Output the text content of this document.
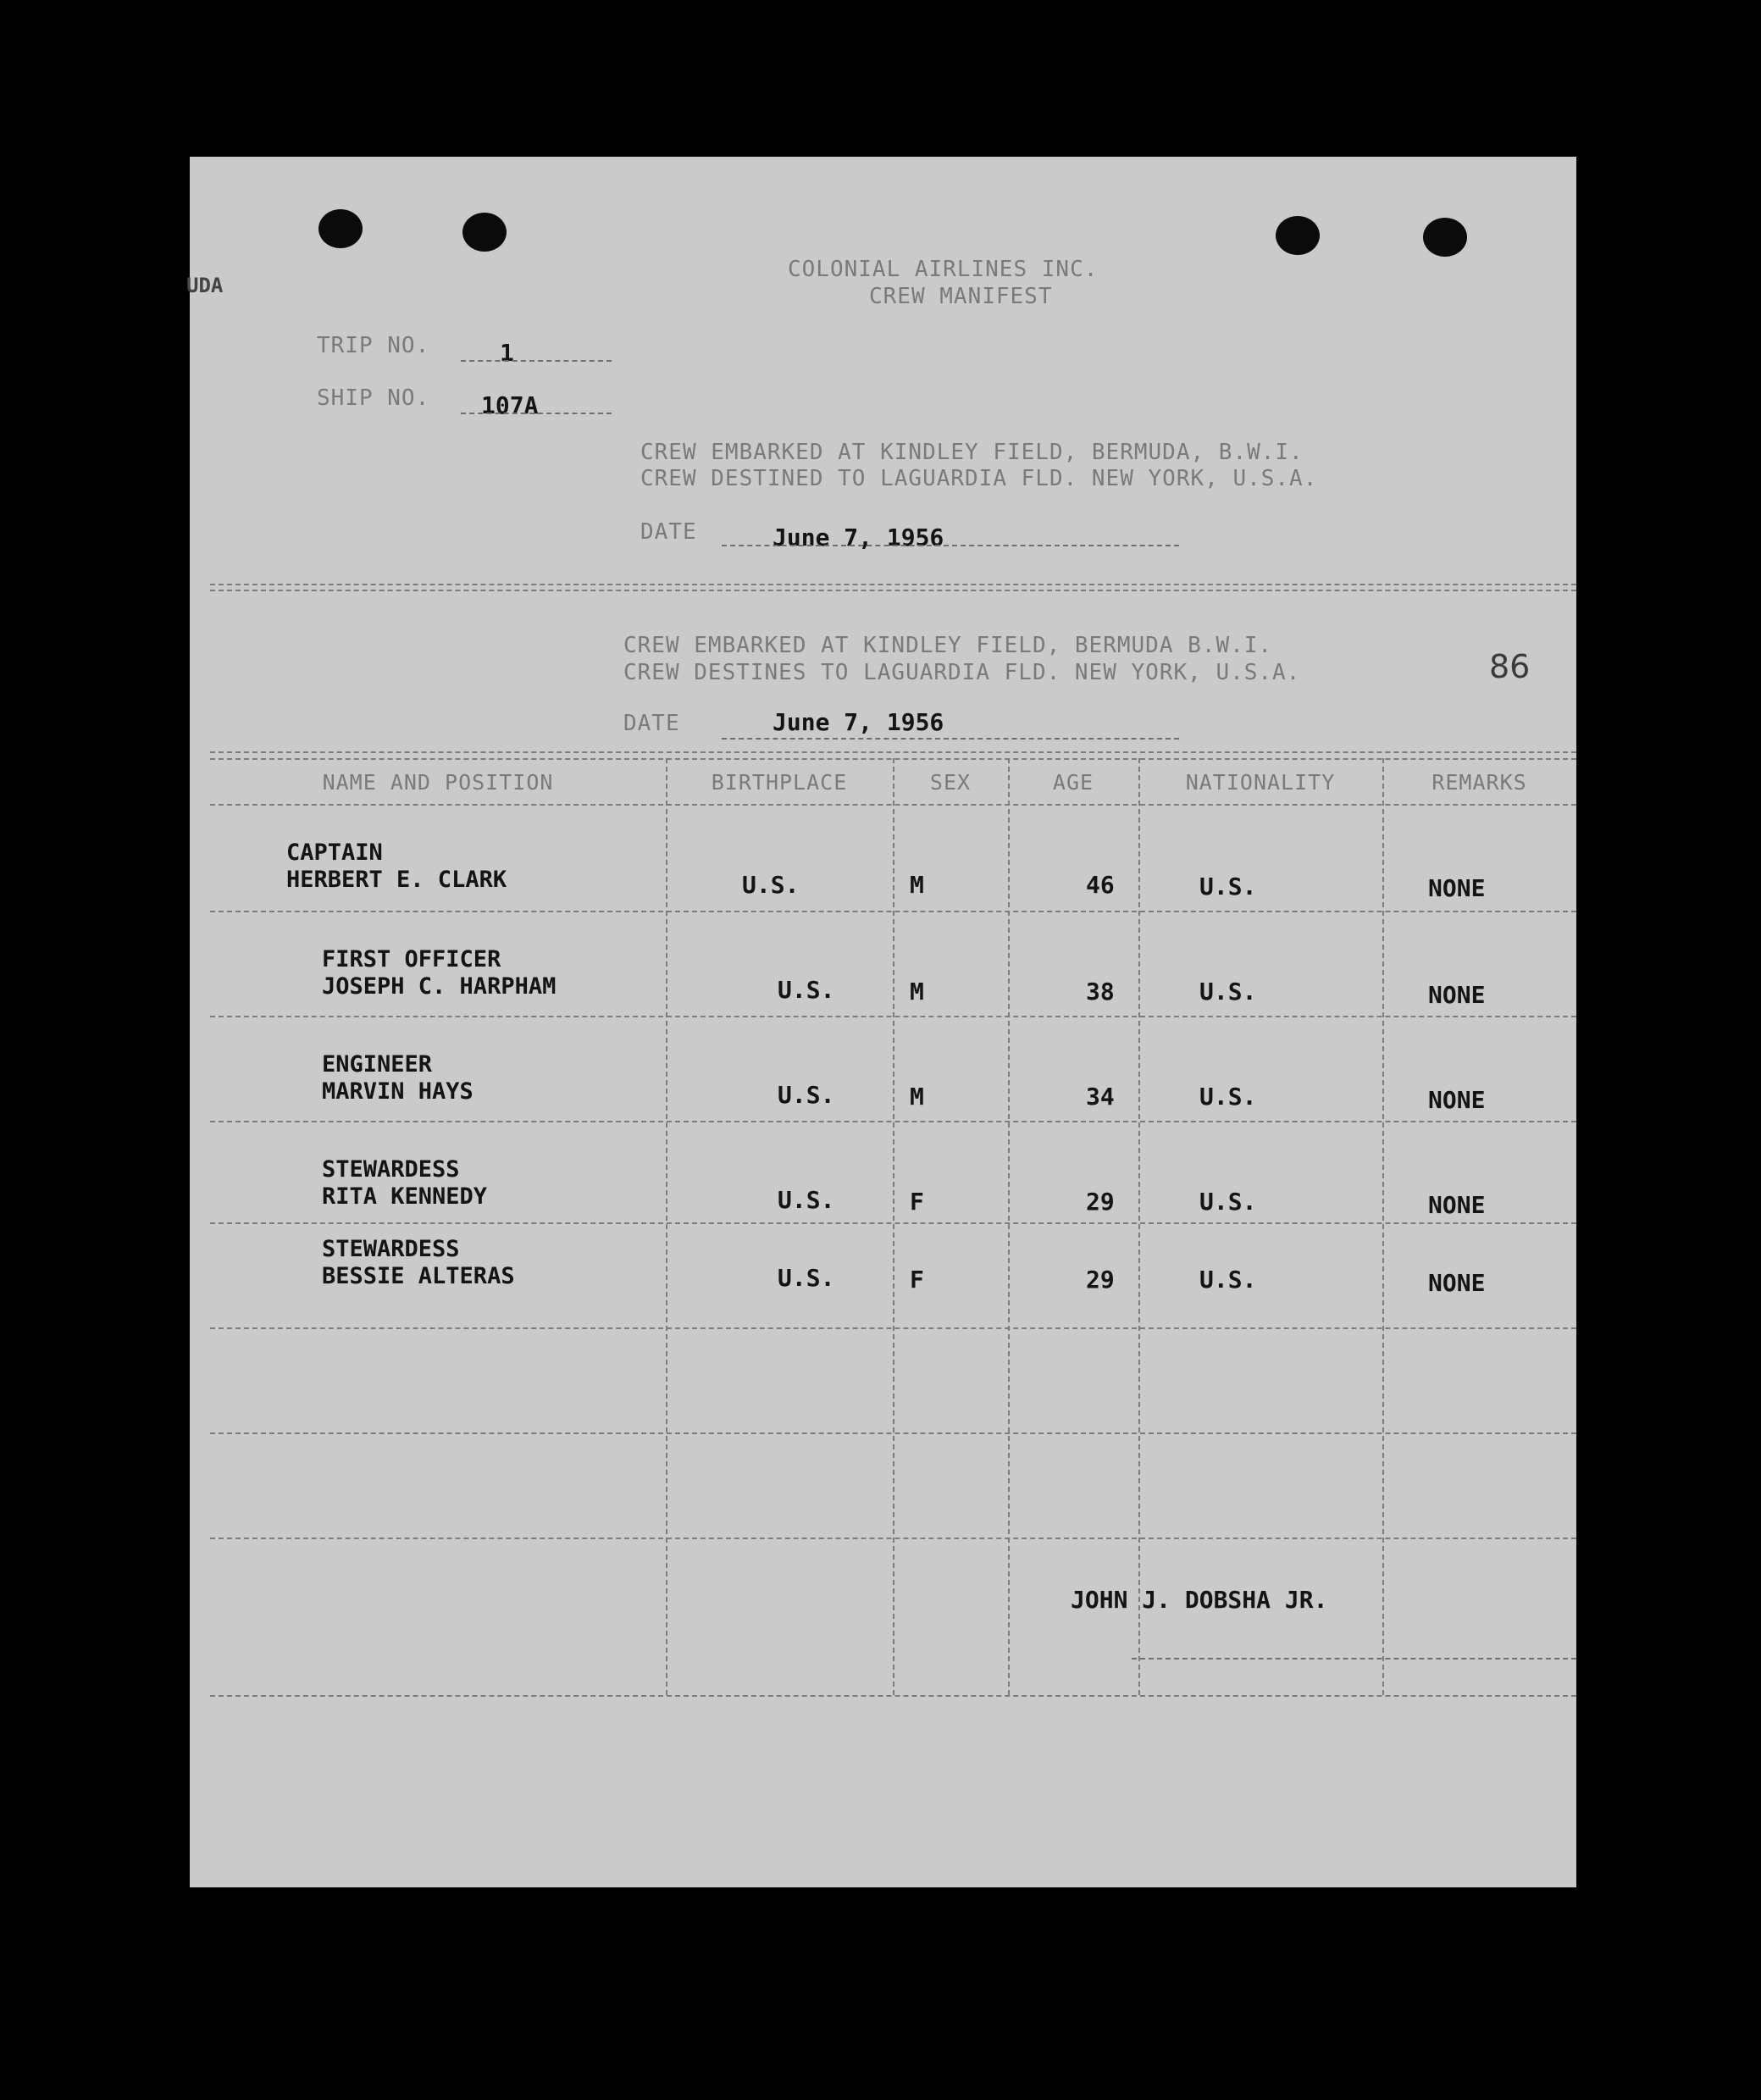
UDA
COLONIAL AIRLINES INC.
CREW MANIFEST
TRIP NO.	1
SHIP NO. 107A
CREW EMBARKED AT KINDLEY FIELD, BERMUDA, B.W.I.
CREW DESTINED TO LAGUARDIA FLD. NEW YORK, U.S.A.
DATE	June 7, 1956
CREW EMBARKED AT KINDLEY FIELD, BERMUDA B.W.I.
CREW DESTINES TO LAGUARDIA FLD. NEW YORK, U.S.A.	86
DATE	June 7, 1956
NAME AND POSITION	BIRTHPLACE	SEX	AGE	NATIONALITY	REMARKS
CAPTAIN
HERBERT E. CLARK	U.S.	M	46	U.S.	NONE
FIRST OFFICER
JOSEPH C. HARPHAM	U.S.	M	38	U.S.	NONE
ENGINEER
MARVIN HAYS	U.S.	M	34	U.S.	NONE
STEWARDESS
RITA KENNEDY	U.S.	F	29	U.S.	NONE
STEWARDESS
BESSIE ALTERAS	U.S.	F	29	U.S.	NONE
JOHN J. DOBSHA JR.
